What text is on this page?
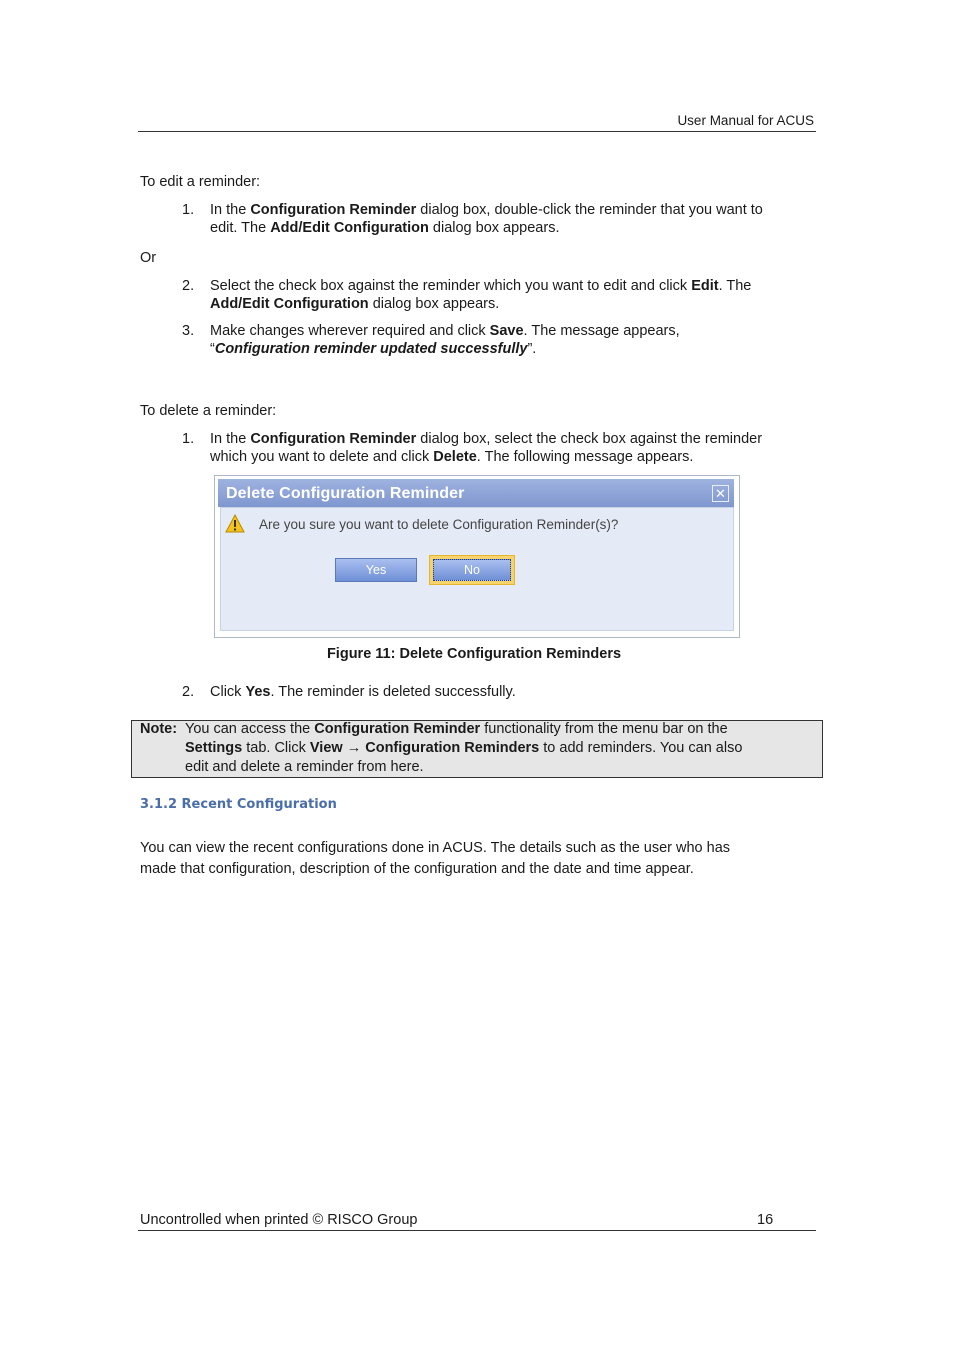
User Manual for ACUS
To edit a reminder:
1. In the Configuration Reminder dialog box, double-click the reminder that you want to
edit. The Add/Edit Configuration dialog box appears.
Or
2. Select the check box against the reminder which you want to edit and click Edit. The
Add/Edit Configuration dialog box appears.
3. Make changes wherever required and click Save. The message appears,
“Configuration reminder updated successfully”.
To delete a reminder:
1. In the Configuration Reminder dialog box, select the check box against the reminder
which you want to delete and click Delete. The following message appears.
Delete Configuration Reminder	✕
Are you sure you want to delete Configuration Reminder(s)?
Yes	No
Figure 11: Delete Configuration Reminders
2. Click Yes. The reminder is deleted successfully.
Note: You can access the Configuration Reminder functionality from the menu bar on the
Settings tab. Click View → Configuration Reminders to add reminders. You can also
edit and delete a reminder from here.
3.1.2 Recent Configuration
You can view the recent configurations done in ACUS. The details such as the user who has
made that configuration, description of the configuration and the date and time appear.
Uncontrolled when printed © RISCO Group	16
